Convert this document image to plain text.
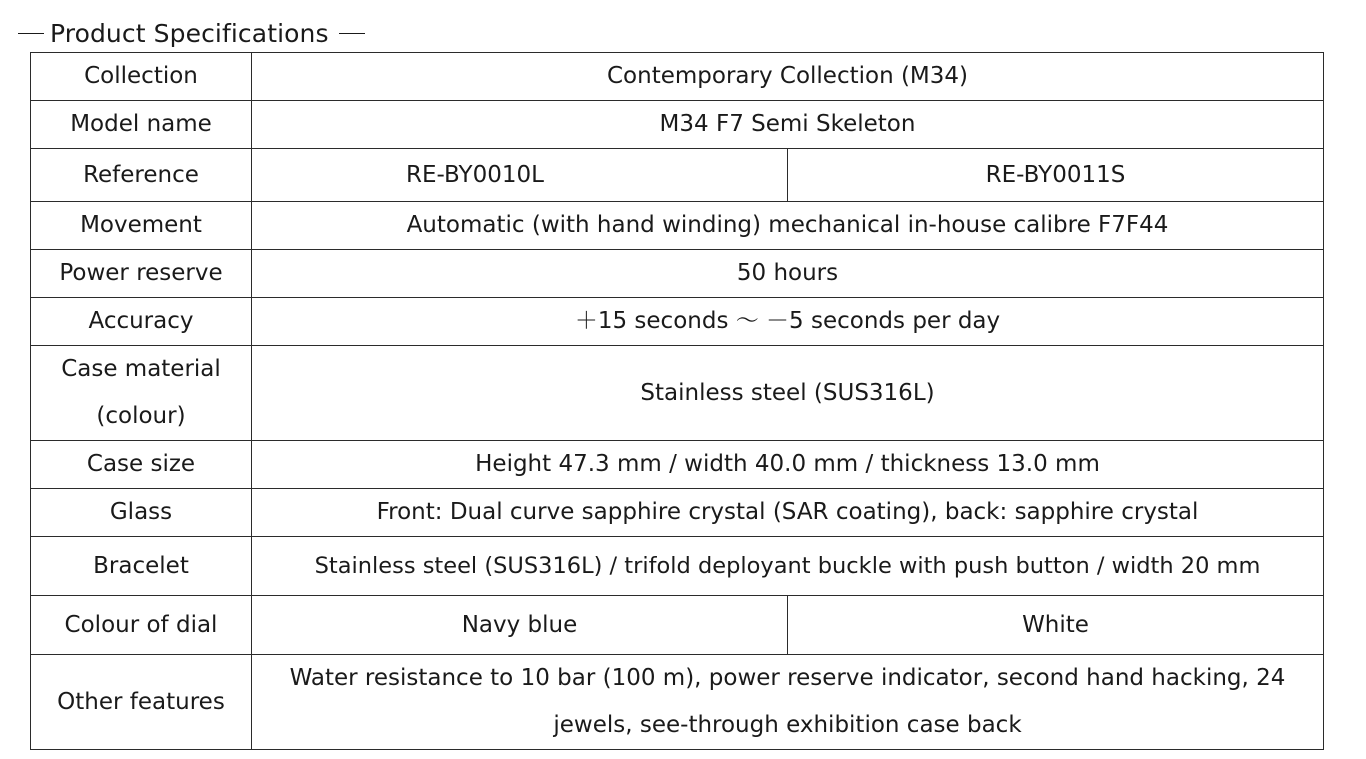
Product Specifications
Collection	Contemporary Collection (M34)	
Model name	M34 F7 Semi Skeleton	
Reference	RE-BY0010L	RE-BY0011S
Movement	Automatic (with hand winding) mechanical in-house calibre F7F44	
Power reserve	50 hours	
Accuracy	＋15 seconds ～ －5 seconds per day	

Case material
(colour)	Stainless steel (SUS316L)	
Case size	Height 47.3 mm / width 40.0 mm / thickness 13.0 mm	
Glass	Front: Dual curve sapphire crystal (SAR coating), back: sapphire crystal	
Bracelet	Stainless steel (SUS316L) / trifold deployant buckle with push button / width 20 mm	
Colour of dial	Navy blue	White
Other features	Water resistance to 10 bar (100 m), power reserve indicator, second hand hacking, 24 jewels, see-through exhibition case back	
